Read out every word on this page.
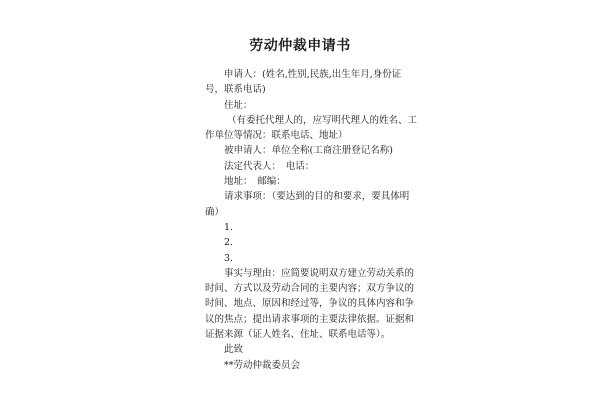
劳动仲裁申请书

申请人：(姓名,性别,民族,出生年月,身份证

号，联系电话)

住址：

（有委托代理人的，应写明代理人的姓名、工

作单位等情况：联系电话、地址）

被申请人：单位全称(工商注册登记名称)

法定代表人：　电话：

地址：　邮编：

请求事项：（要达到的目的和要求，要具体明

确）

1.

2.

3.

事实与理由：应简要说明双方建立劳动关系的

时间、方式以及劳动合同的主要内容；双方争议的

时间、地点、原因和经过等，争议的具体内容和争

议的焦点；提出请求事项的主要法律依据。证据和

证据来源（证人姓名、住址、联系电话等）。

此致

**劳动仲裁委员会
